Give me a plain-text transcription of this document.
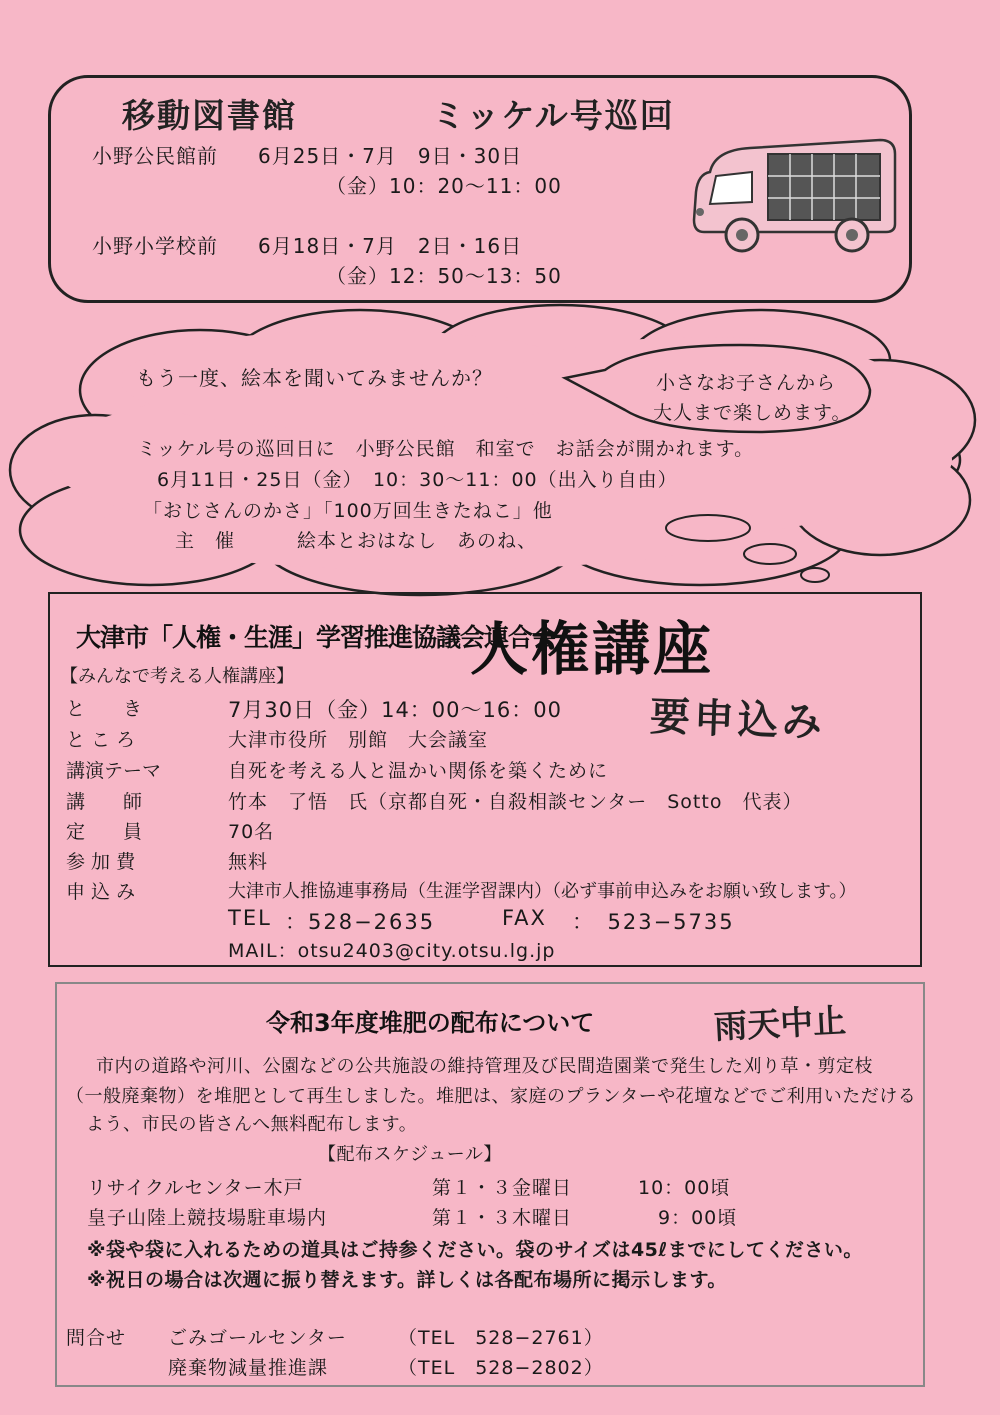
移動図書館	ミッケル号巡回
小野公民館前 6月25日・7月　9日・30日
（金）10：20～11：00
小野小学校前 6月18日・7月　2日・16日
（金）12：50～13：50
もう一度、絵本を聞いてみませんか？	小さなお子さんから
大人まで楽しめます。
ミッケル号の巡回日に　小野公民館　和室で　お話会が開かれます。
6月11日・25日（金）　10：30～11：00（出入り自由）
「おじさんのかさ」「100万回生きたねこ」他
主　催	絵本とおはなし　あのね、
大津市「人権・生涯」学習推進協議会連合会
人権講座
【みんなで考える人権講座】
要申込み
と　　き	7月30日（金）14：00～16：00
と こ ろ	大津市役所　別館　大会議室
講演テーマ	自死を考える人と温かい関係を築くために
講　　師	竹本　了悟　氏（京都自死・自殺相談センター　Sotto　代表）
定　　員	70名
参 加 費	無料
申 込 み	大津市人推協連事務局（生涯学習課内）（必ず事前申込みをお願い致します。）
TEL ：528−2635	FAX ：　523−5735
MAIL：otsu2403@city.otsu.lg.jp
令和3年度堆肥の配布について	雨天中止
市内の道路や河川、公園などの公共施設の維持管理及び民間造園業で発生した刈り草・剪定枝
（一般廃棄物）を堆肥として再生しました。堆肥は、家庭のプランターや花壇などでご利用いただける
よう、市民の皆さんへ無料配布します。
【配布スケジュール】
リサイクルセンター木戸	第１・３金曜日	10：00頃
皇子山陸上競技場駐車場内	第１・３木曜日	9：00頃
※袋や袋に入れるための道具はご持参ください。袋のサイズは45ℓまでにしてください。
※祝日の場合は次週に振り替えます。詳しくは各配布場所に掲示します。
問合せ ごみゴールセンター	（TEL　528−2761）
廃棄物減量推進課	（TEL　528−2802）
